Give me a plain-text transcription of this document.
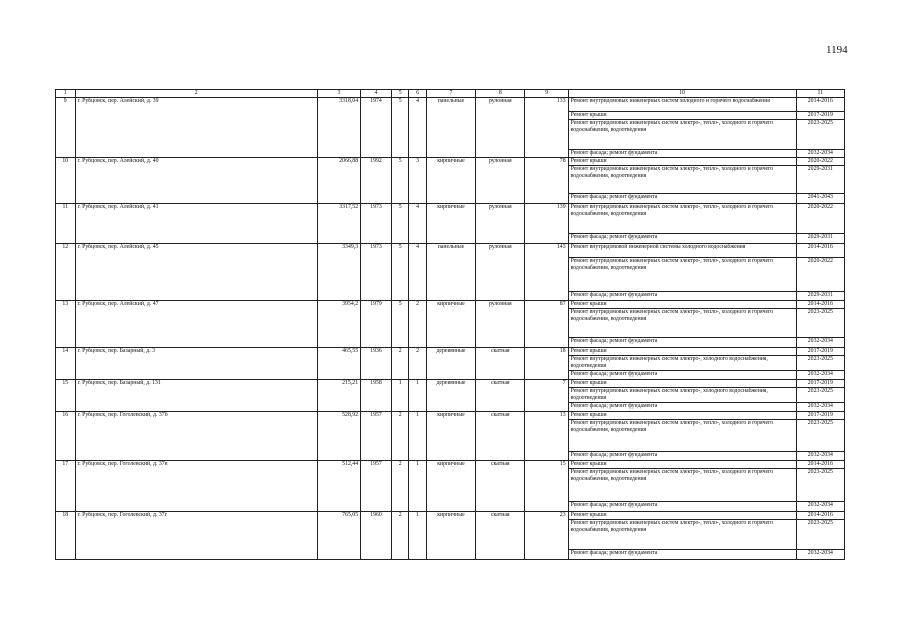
1194
1	2	3	4	5	6	7	8	9	10	11
9	г. Рубцовск, пер. Алейский, д. 39	3318,04	1974	5	4	панельные	рулонная	133	Ремонт внутридомовых инженерных систем холодного и горячего водоснабжения	2014-2016
									Ремонт крыши	2017-2019
									Ремонт внутридомовых инженерных систем электро-, тепло-, холодного и горячего водоснабжения, водоотведения	2023-2025
									Ремонт фасада; ремонт фундамента	2032-2034
10	г. Рубцовск, пер. Алейский, д. 40	2066,88	1992	5	3	кирпичные	рулонная	78	Ремонт крыши	2020-2022
									Ремонт внутридомовых инженерных систем электро-, тепло-, холодного и горячего водоснабжения, водоотведения	2029-2031
									Ремонт фасада; ремонт фундамента	2041-2043
11	г. Рубцовск, пер. Алейский, д. 41	3317,52	1973	5	4	кирпичные	рулонная	139	Ремонт внутридомовых инженерных систем электро-, тепло-, холодного и горячего водоснабжения, водоотведения	2020-2022
									Ремонт фасада; ремонт фундамента	2029-2031
12	г. Рубцовск, пер. Алейский, д. 45	3349,3	1973	5	4	панельные	рулонная	143	Ремонт внутридомовой инженерной системы холодного водоснабжения	2014-2016
									Ремонт внутридомовых инженерных систем электро-, тепло-, холодного и горячего водоснабжения, водоотведения	2020-2022
									Ремонт фасада; ремонт фундамента	2029-2031
13	г. Рубцовск, пер. Алейский, д. 47	3954,2	1979	5	2	кирпичные	рулонная	87	Ремонт крыши	2014-2016
									Ремонт внутридомовых инженерных систем электро-, тепло-, холодного и горячего водоснабжения, водоотведения	2023-2025
									Ремонт фасада; ремонт фундамента	2032-2034
14	г. Рубцовск, пер. Базарный, д. 3	465,55	1936	2	2	деревянные	скатная	18	Ремонт крыши	2017-2019
									Ремонт внутридомовых инженерных систем электро-, холодного водоснабжения, водоотведения	2023-2025
									Ремонт фасада; ремонт фундамента	2032-2034
15	г. Рубцовск, пер. Базарный, д. 131	215,21	1958	1	1	деревянные	скатная	7	Ремонт крыши	2017-2019
									Ремонт внутридомовых инженерных систем электро-, холодного водоснабжения, водоотведения	2023-2025
									Ремонт фасада; ремонт фундамента	2032-2034
16	г. Рубцовск, пер. Гоголевский, д. 37б	528,92	1957	2	1	кирпичные	скатная	13	Ремонт крыши	2017-2019
									Ремонт внутридомовых инженерных систем электро-, тепло-, холодного и горячего водоснабжения, водоотведения	2023-2025
									Ремонт фасада; ремонт фундамента	2032-2034
17	г. Рубцовск, пер. Гоголевский, д. 37в	512,44	1957	2	1	кирпичные	скатная	15	Ремонт крыши	2014-2016
									Ремонт внутридомовых инженерных систем электро-, тепло-, холодного и горячего водоснабжения, водоотведения	2023-2025
									Ремонт фасада; ремонт фундамента	2032-2034
18	г. Рубцовск, пер. Гоголевский, д. 37г	765,05	1960	2	1	кирпичные	скатная	23	Ремонт крыши	2014-2016
									Ремонт внутридомовых инженерных систем электро-, тепло-, холодного и горячего водоснабжения, водоотведения	2023-2025
									Ремонт фасада; ремонт фундамента	2032-2034
